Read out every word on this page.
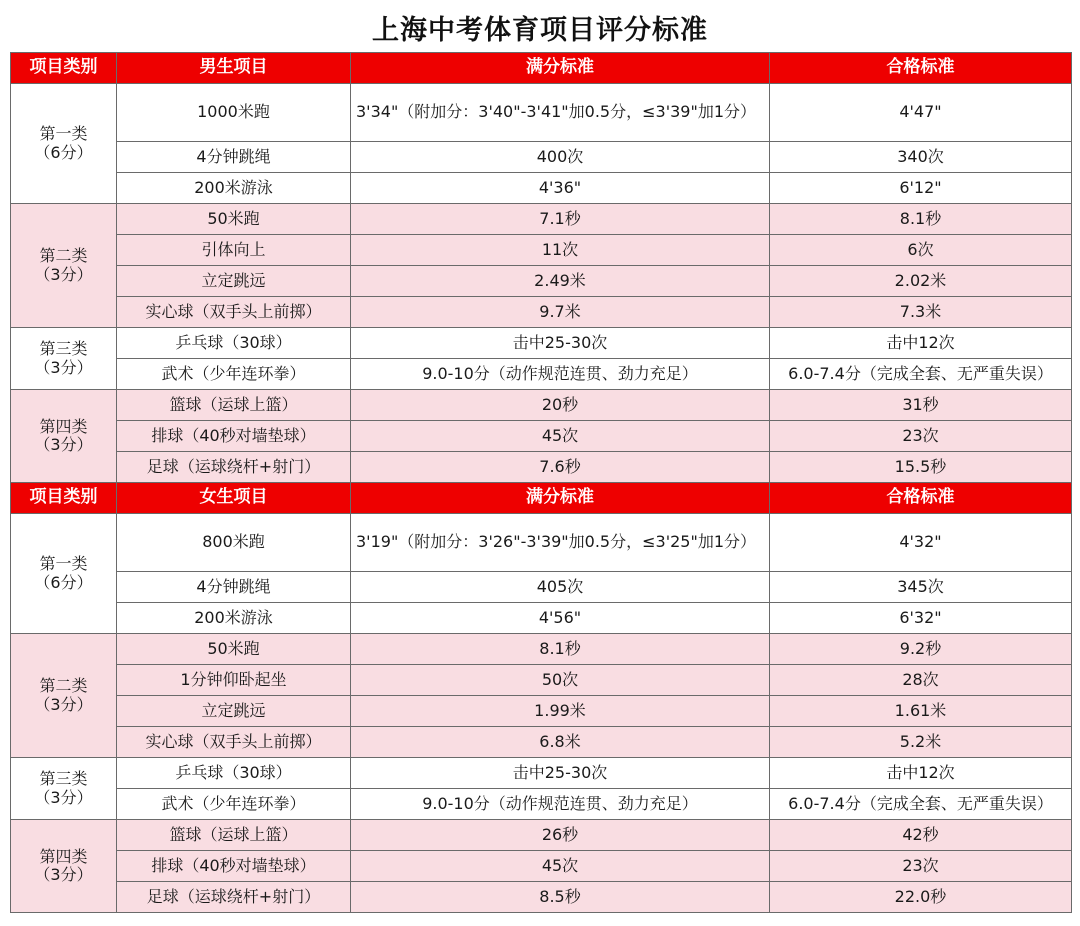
上海中考体育项目评分标准
项目类别	男生项目	满分标准	合格标准

第一类
（6分）	1000米跑	3'34"（附加分：3'40"-3'41"加0.5分，≤3'39"加1分）	4'47"
	4分钟跳绳	400次	340次
	200米游泳	4'36"	6'12"

第二类
（3分）	50米跑	7.1秒	8.1秒
	引体向上	11次	6次
	立定跳远	2.49米	2.02米
	实心球（双手头上前掷）	9.7米	7.3米

第三类
（3分）	乒乓球（30球）	击中25-30次	击中12次
	武术（少年连环拳）	9.0-10分（动作规范连贯、劲力充足）	6.0-7.4分（完成全套、无严重失误）

第四类
（3分）	篮球（运球上篮）	20秒	31秒
	排球（40秒对墙垫球）	45次	23次
	足球（运球绕杆+射门）	7.6秒	15.5秒
项目类别	女生项目	满分标准	合格标准

第一类
（6分）	800米跑	3'19"（附加分：3'26"-3'39"加0.5分，≤3'25"加1分）	4'32"
	4分钟跳绳	405次	345次
	200米游泳	4'56"	6'32"

第二类
（3分）	50米跑	8.1秒	9.2秒
	1分钟仰卧起坐	50次	28次
	立定跳远	1.99米	1.61米
	实心球（双手头上前掷）	6.8米	5.2米

第三类
（3分）	乒乓球（30球）	击中25-30次	击中12次
	武术（少年连环拳）	9.0-10分（动作规范连贯、劲力充足）	6.0-7.4分（完成全套、无严重失误）

第四类
（3分）	篮球（运球上篮）	26秒	42秒
	排球（40秒对墙垫球）	45次	23次
	足球（运球绕杆+射门）	8.5秒	22.0秒
